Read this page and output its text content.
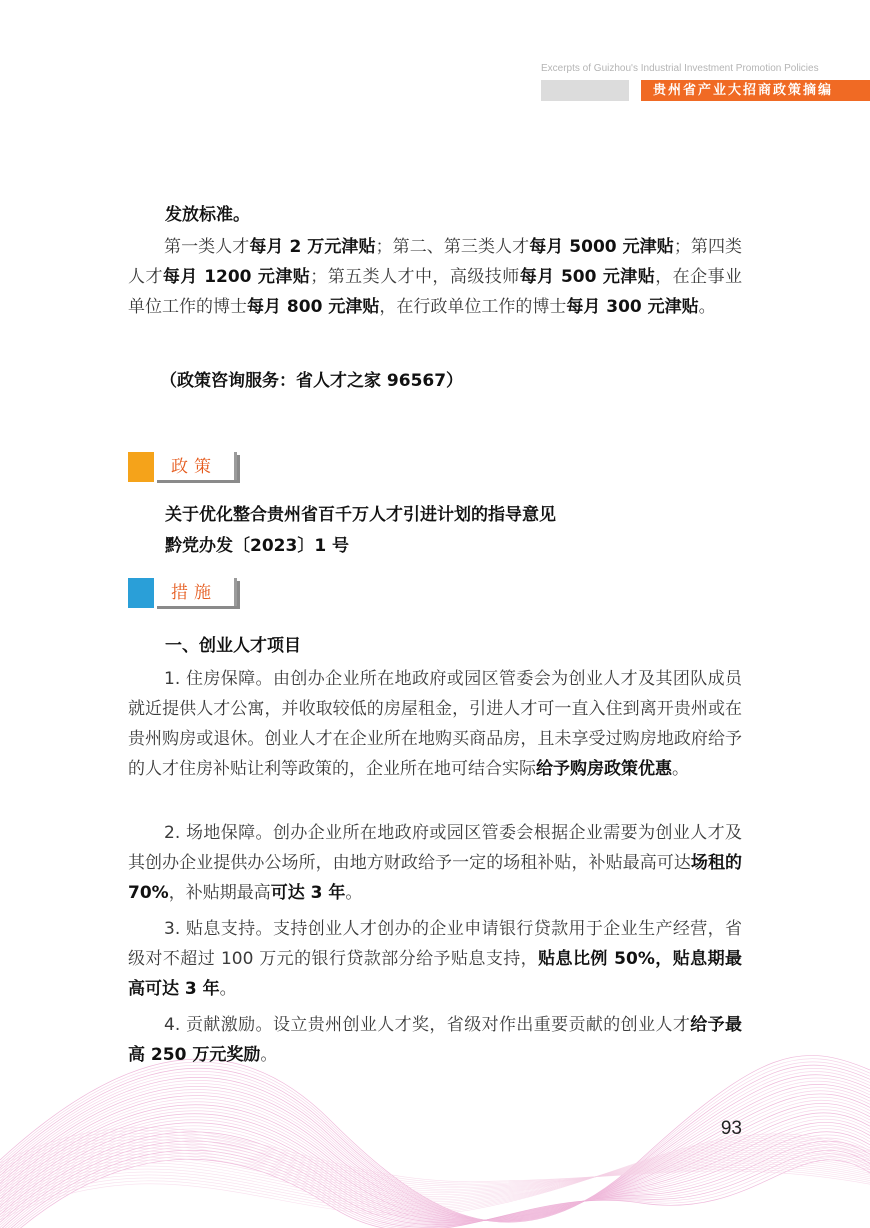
Excerpts of Guizhou's Industrial Investment Promotion Policies
贵州省产业大招商政策摘编

发放标准。

第一类人才每月 2 万元津贴；第二、第三类人才每月 5000 元津贴；第四类人才每月 1200 元津贴；第五类人才中，高级技师每月 500 元津贴，在企事业单位工作的博士每月 800 元津贴，在行政单位工作的博士每月 300 元津贴。

（政策咨询服务：省人才之家 96567）

政策

关于优化整合贵州省百千万人才引进计划的指导意见

黔党办发〔2023〕1 号

措施

一、创业人才项目

1. 住房保障。由创办企业所在地政府或园区管委会为创业人才及其团队成员就近提供人才公寓，并收取较低的房屋租金，引进人才可一直入住到离开贵州或在贵州购房或退休。创业人才在企业所在地购买商品房，且未享受过购房地政府给予的人才住房补贴让利等政策的，企业所在地可结合实际给予购房政策优惠。

2. 场地保障。创办企业所在地政府或园区管委会根据企业需要为创业人才及其创办企业提供办公场所，由地方财政给予一定的场租补贴，补贴最高可达场租的 70%，补贴期最高可达 3 年。

3. 贴息支持。支持创业人才创办的企业申请银行贷款用于企业生产经营，省级对不超过 100 万元的银行贷款部分给予贴息支持，贴息比例 50%，贴息期最高可达 3 年。

4. 贡献激励。设立贵州创业人才奖，省级对作出重要贡献的创业人才给予最高 250 万元奖励。

93
